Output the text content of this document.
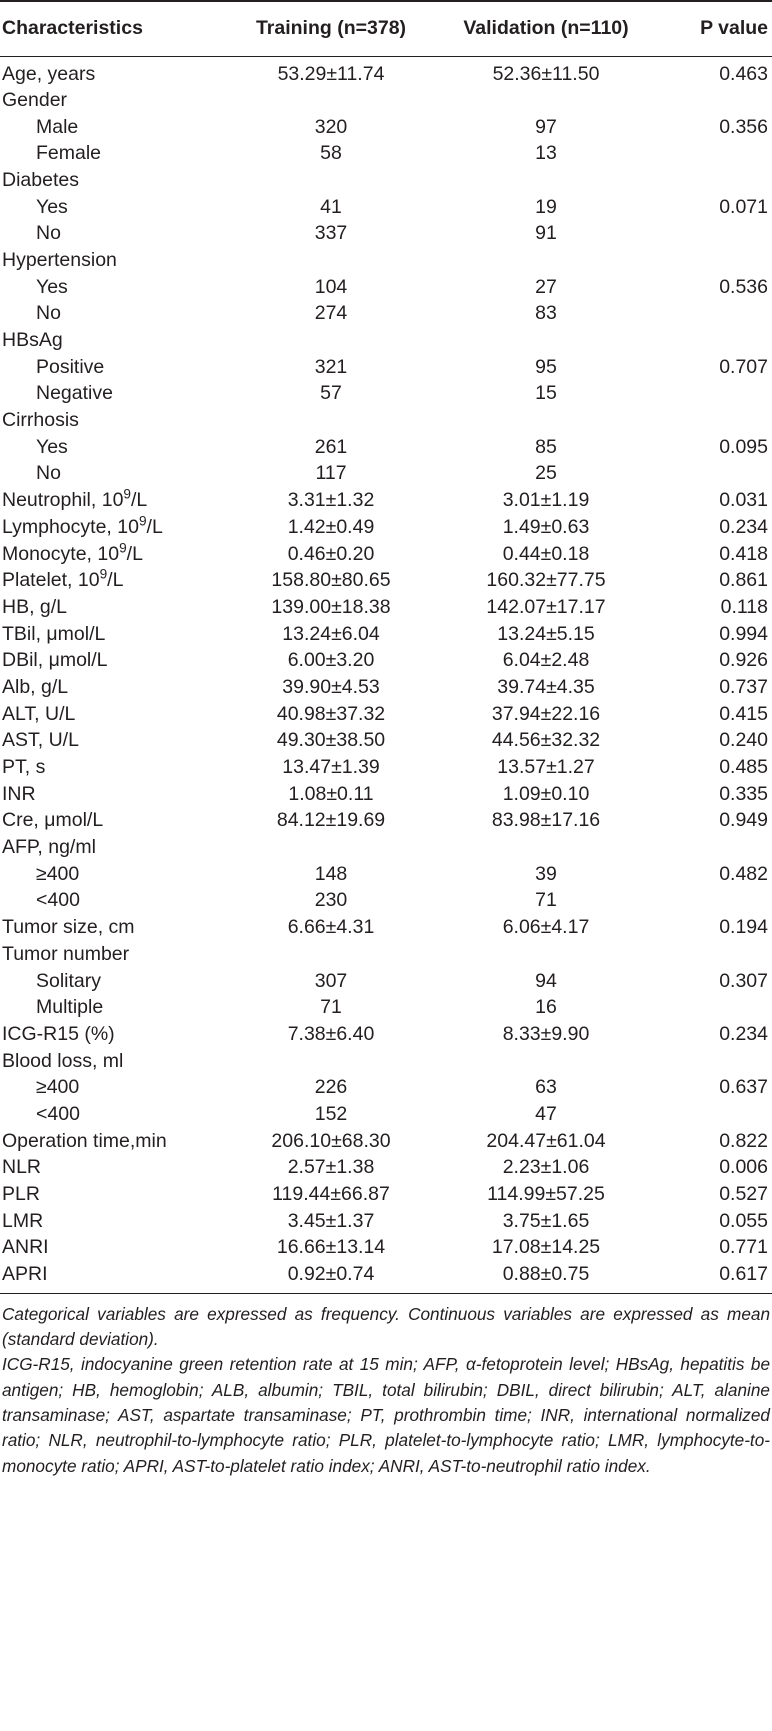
Characteristics	Training (n=378)	Validation (n=110)	P value
Age, years	53.29±11.74	52.36±11.50	0.463
Gender			
Male	320	97	0.356
Female	58	13	
Diabetes			
Yes	41	19	0.071
No	337	91	
Hypertension			
Yes	104	27	0.536
No	274	83	
HBsAg			
Positive	321	95	0.707
Negative	57	15	
Cirrhosis			
Yes	261	85	0.095
No	117	25	
Neutrophil, $10^9/L$	3.31±1.32	3.01±1.19	0.031
Lymphocyte, $10^9/L$	1.42±0.49	1.49±0.63	0.234
Monocyte, $10^9/L$	0.46±0.20	0.44±0.18	0.418
Platelet, $10^9/L$	158.80±80.65	160.32±77.75	0.861
HB, g/L	139.00±18.38	142.07±17.17	0.118
TBil, μmol/L	13.24±6.04	13.24±5.15	0.994
DBil, μmol/L	6.00±3.20	6.04±2.48	0.926
Alb, g/L	39.90±4.53	39.74±4.35	0.737
ALT, U/L	40.98±37.32	37.94±22.16	0.415
AST, U/L	49.30±38.50	44.56±32.32	0.240
PT, s	13.47±1.39	13.57±1.27	0.485
INR	1.08±0.11	1.09±0.10	0.335
Cre, μmol/L	84.12±19.69	83.98±17.16	0.949
AFP, ng/ml			
≥400	148	39	0.482
<400	230	71	
Tumor size, cm	6.66±4.31	6.06±4.17	0.194
Tumor number			
Solitary	307	94	0.307
Multiple	71	16	
ICG-R15 (%)	7.38±6.40	8.33±9.90	0.234
Blood loss, ml			
≥400	226	63	0.637
<400	152	47	
Operation time,min	206.10±68.30	204.47±61.04	0.822
NLR	2.57±1.38	2.23±1.06	0.006
PLR	119.44±66.87	114.99±57.25	0.527
LMR	3.45±1.37	3.75±1.65	0.055
ANRI	16.66±13.14	17.08±14.25	0.771
APRI	0.92±0.74	0.88±0.75	0.617

Categorical variables are expressed as frequency. Continuous variables are expressed as mean (standard deviation).

ICG-R15, indocyanine green retention rate at 15 min; AFP, α-fetoprotein level; HBsAg, hepatitis be antigen; HB, hemoglobin; ALB, albumin; TBIL, total bilirubin; DBIL, direct bilirubin; ALT, alanine transaminase; AST, aspartate transaminase; PT, prothrombin time; INR, international normalized ratio; NLR, neutrophil-to-lymphocyte ratio; PLR, platelet-to-lymphocyte ratio; LMR, lymphocyte-to-monocyte ratio; APRI, AST-to-platelet ratio index; ANRI, AST-to-neutrophil ratio index.
